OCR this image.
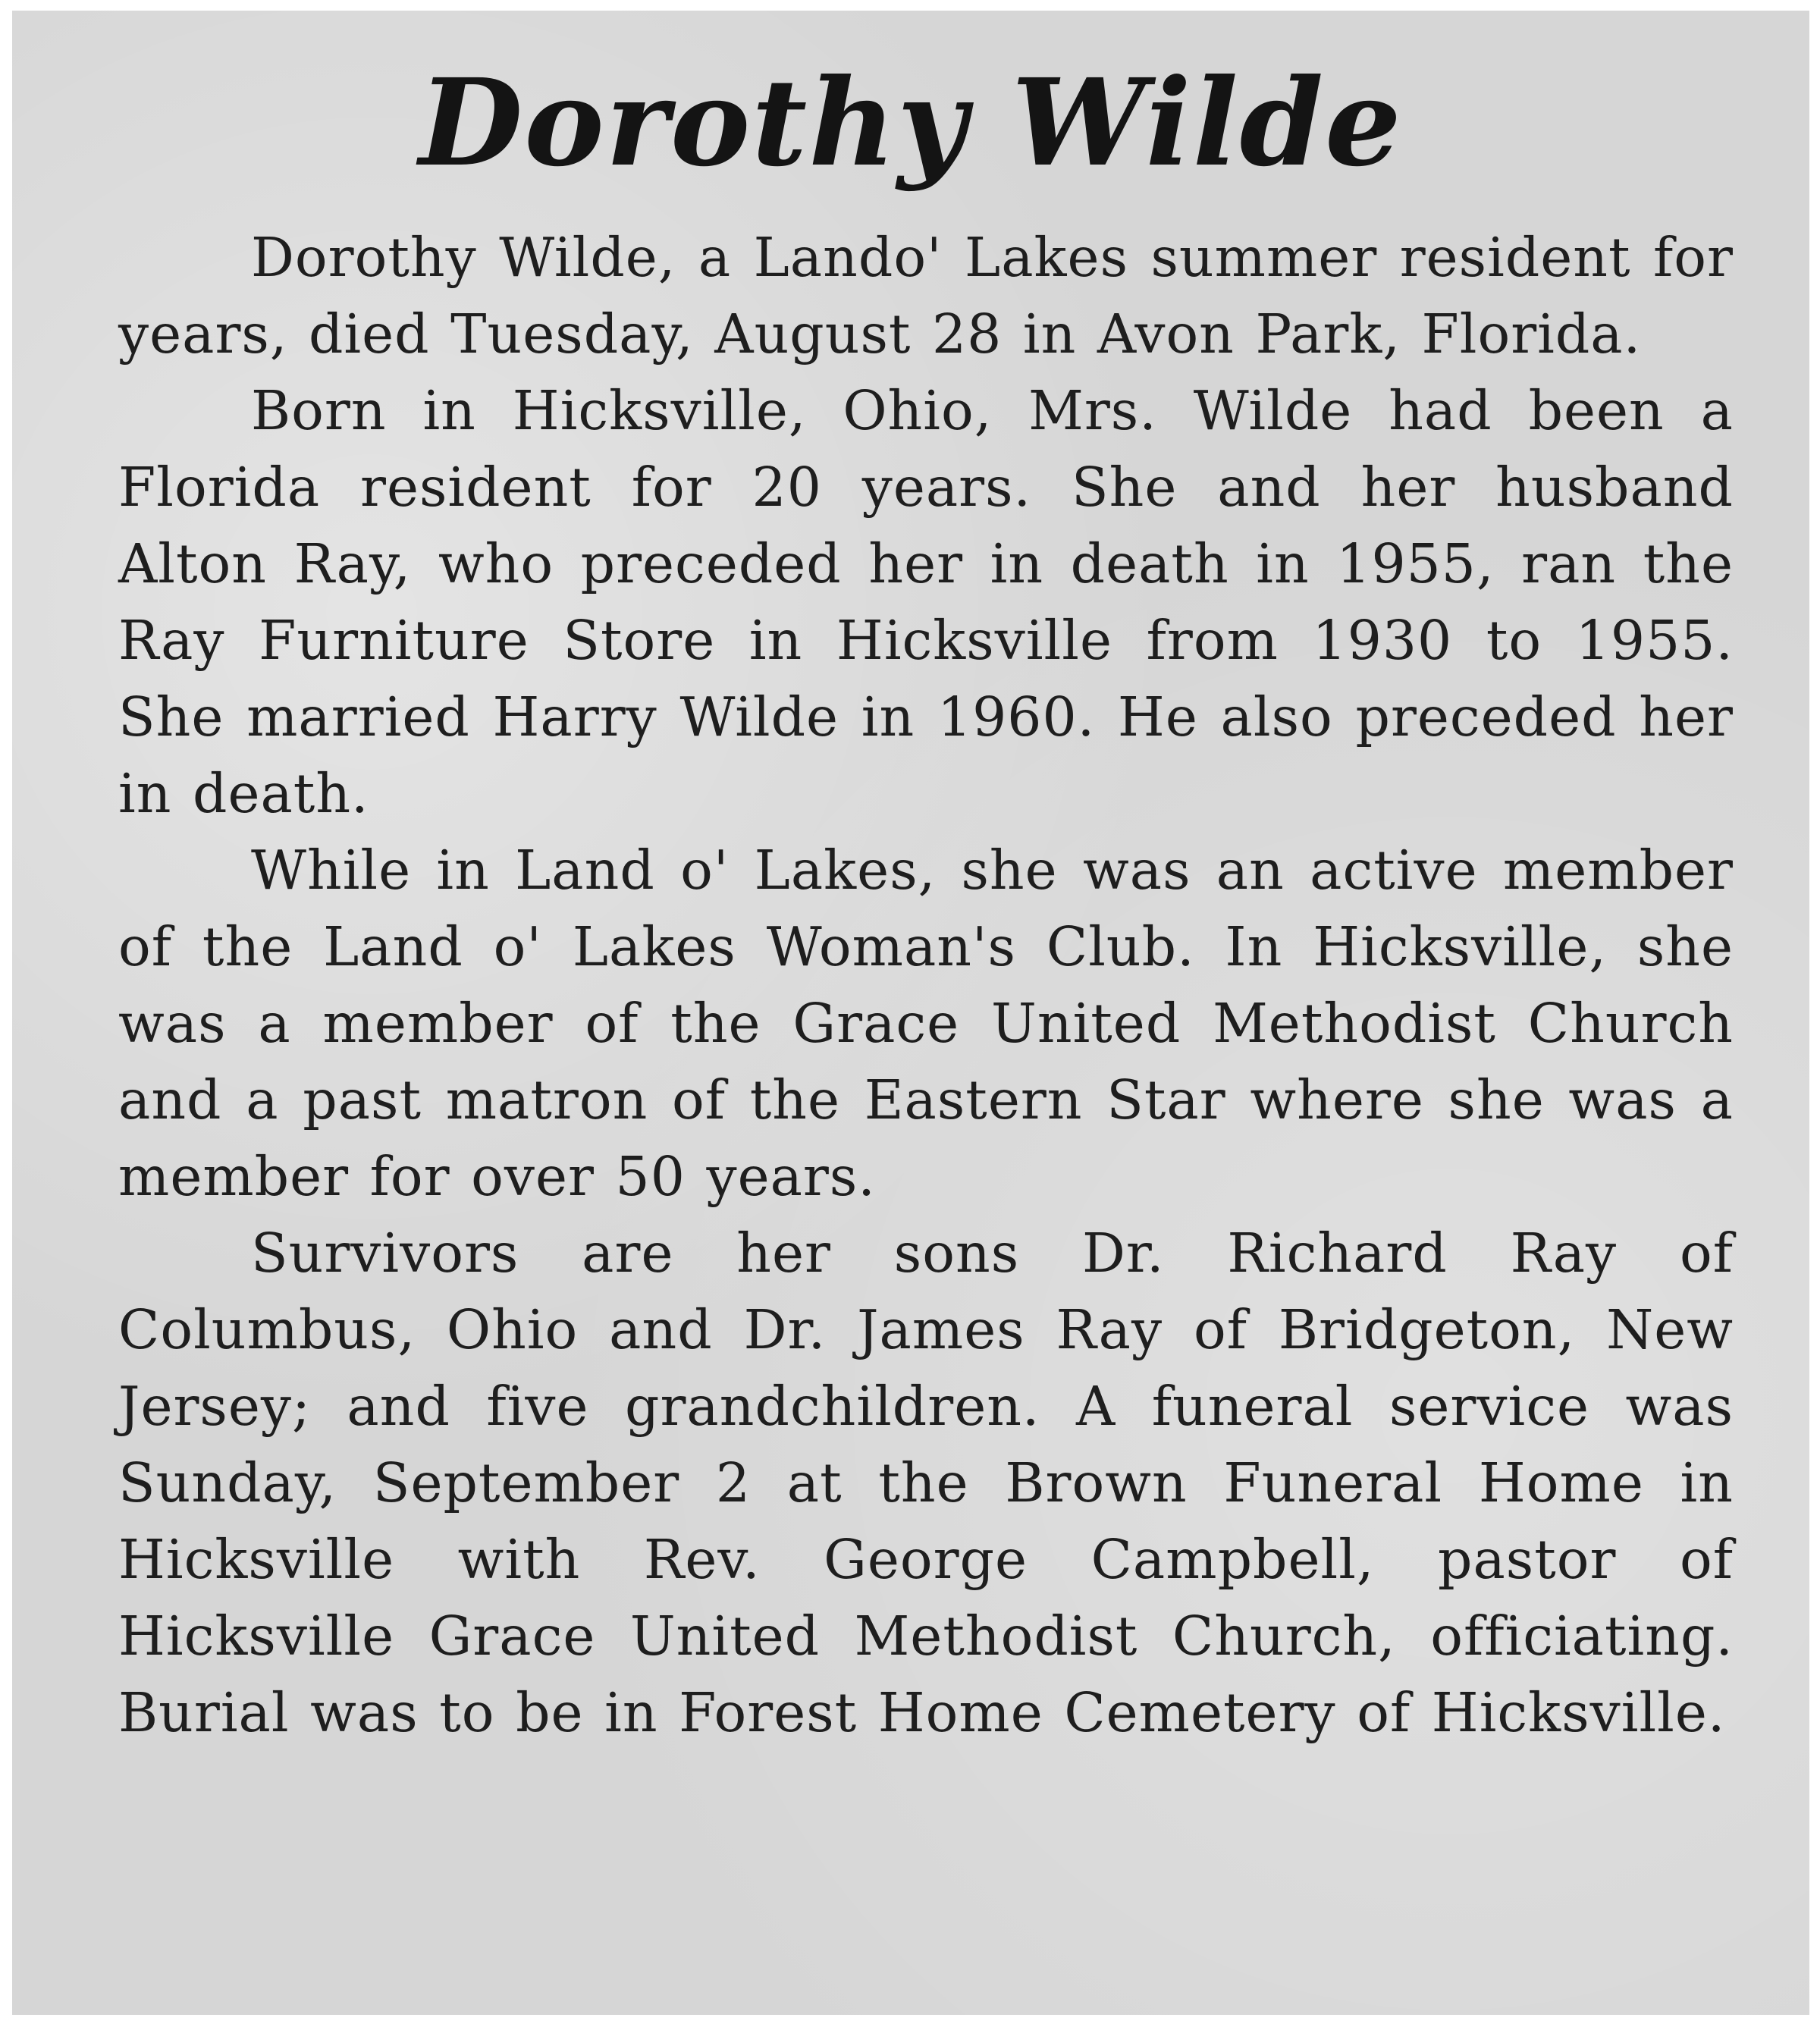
Dorothy Wilde

Dorothy Wilde, a Lando' Lakes summer resident for years, died Tuesday, August 28 in Avon Park, Florida.

Born in Hicksville, Ohio, Mrs. Wilde had been a Florida resident for 20 years. She and her husband Alton Ray, who preceded her in death in 1955, ran the Ray Furniture Store in Hicksville from 1930 to 1955. She married Harry Wilde in 1960. He also preceded her in death.

While in Land o' Lakes, she was an active member of the Land o' Lakes Woman's Club. In Hicksville, she was a member of the Grace United Methodist Church and a past matron of the Eastern Star where she was a member for over 50 years.

Survivors are her sons Dr. Richard Ray of Columbus, Ohio and Dr. James Ray of Bridgeton, New Jersey; and five grandchildren. A funeral service was Sunday, September 2 at the Brown Funeral Home in Hicksville with Rev. George Campbell, pastor of Hicksville Grace United Methodist Church, officiating. Burial was to be in Forest Home Cemetery of Hicksville.
